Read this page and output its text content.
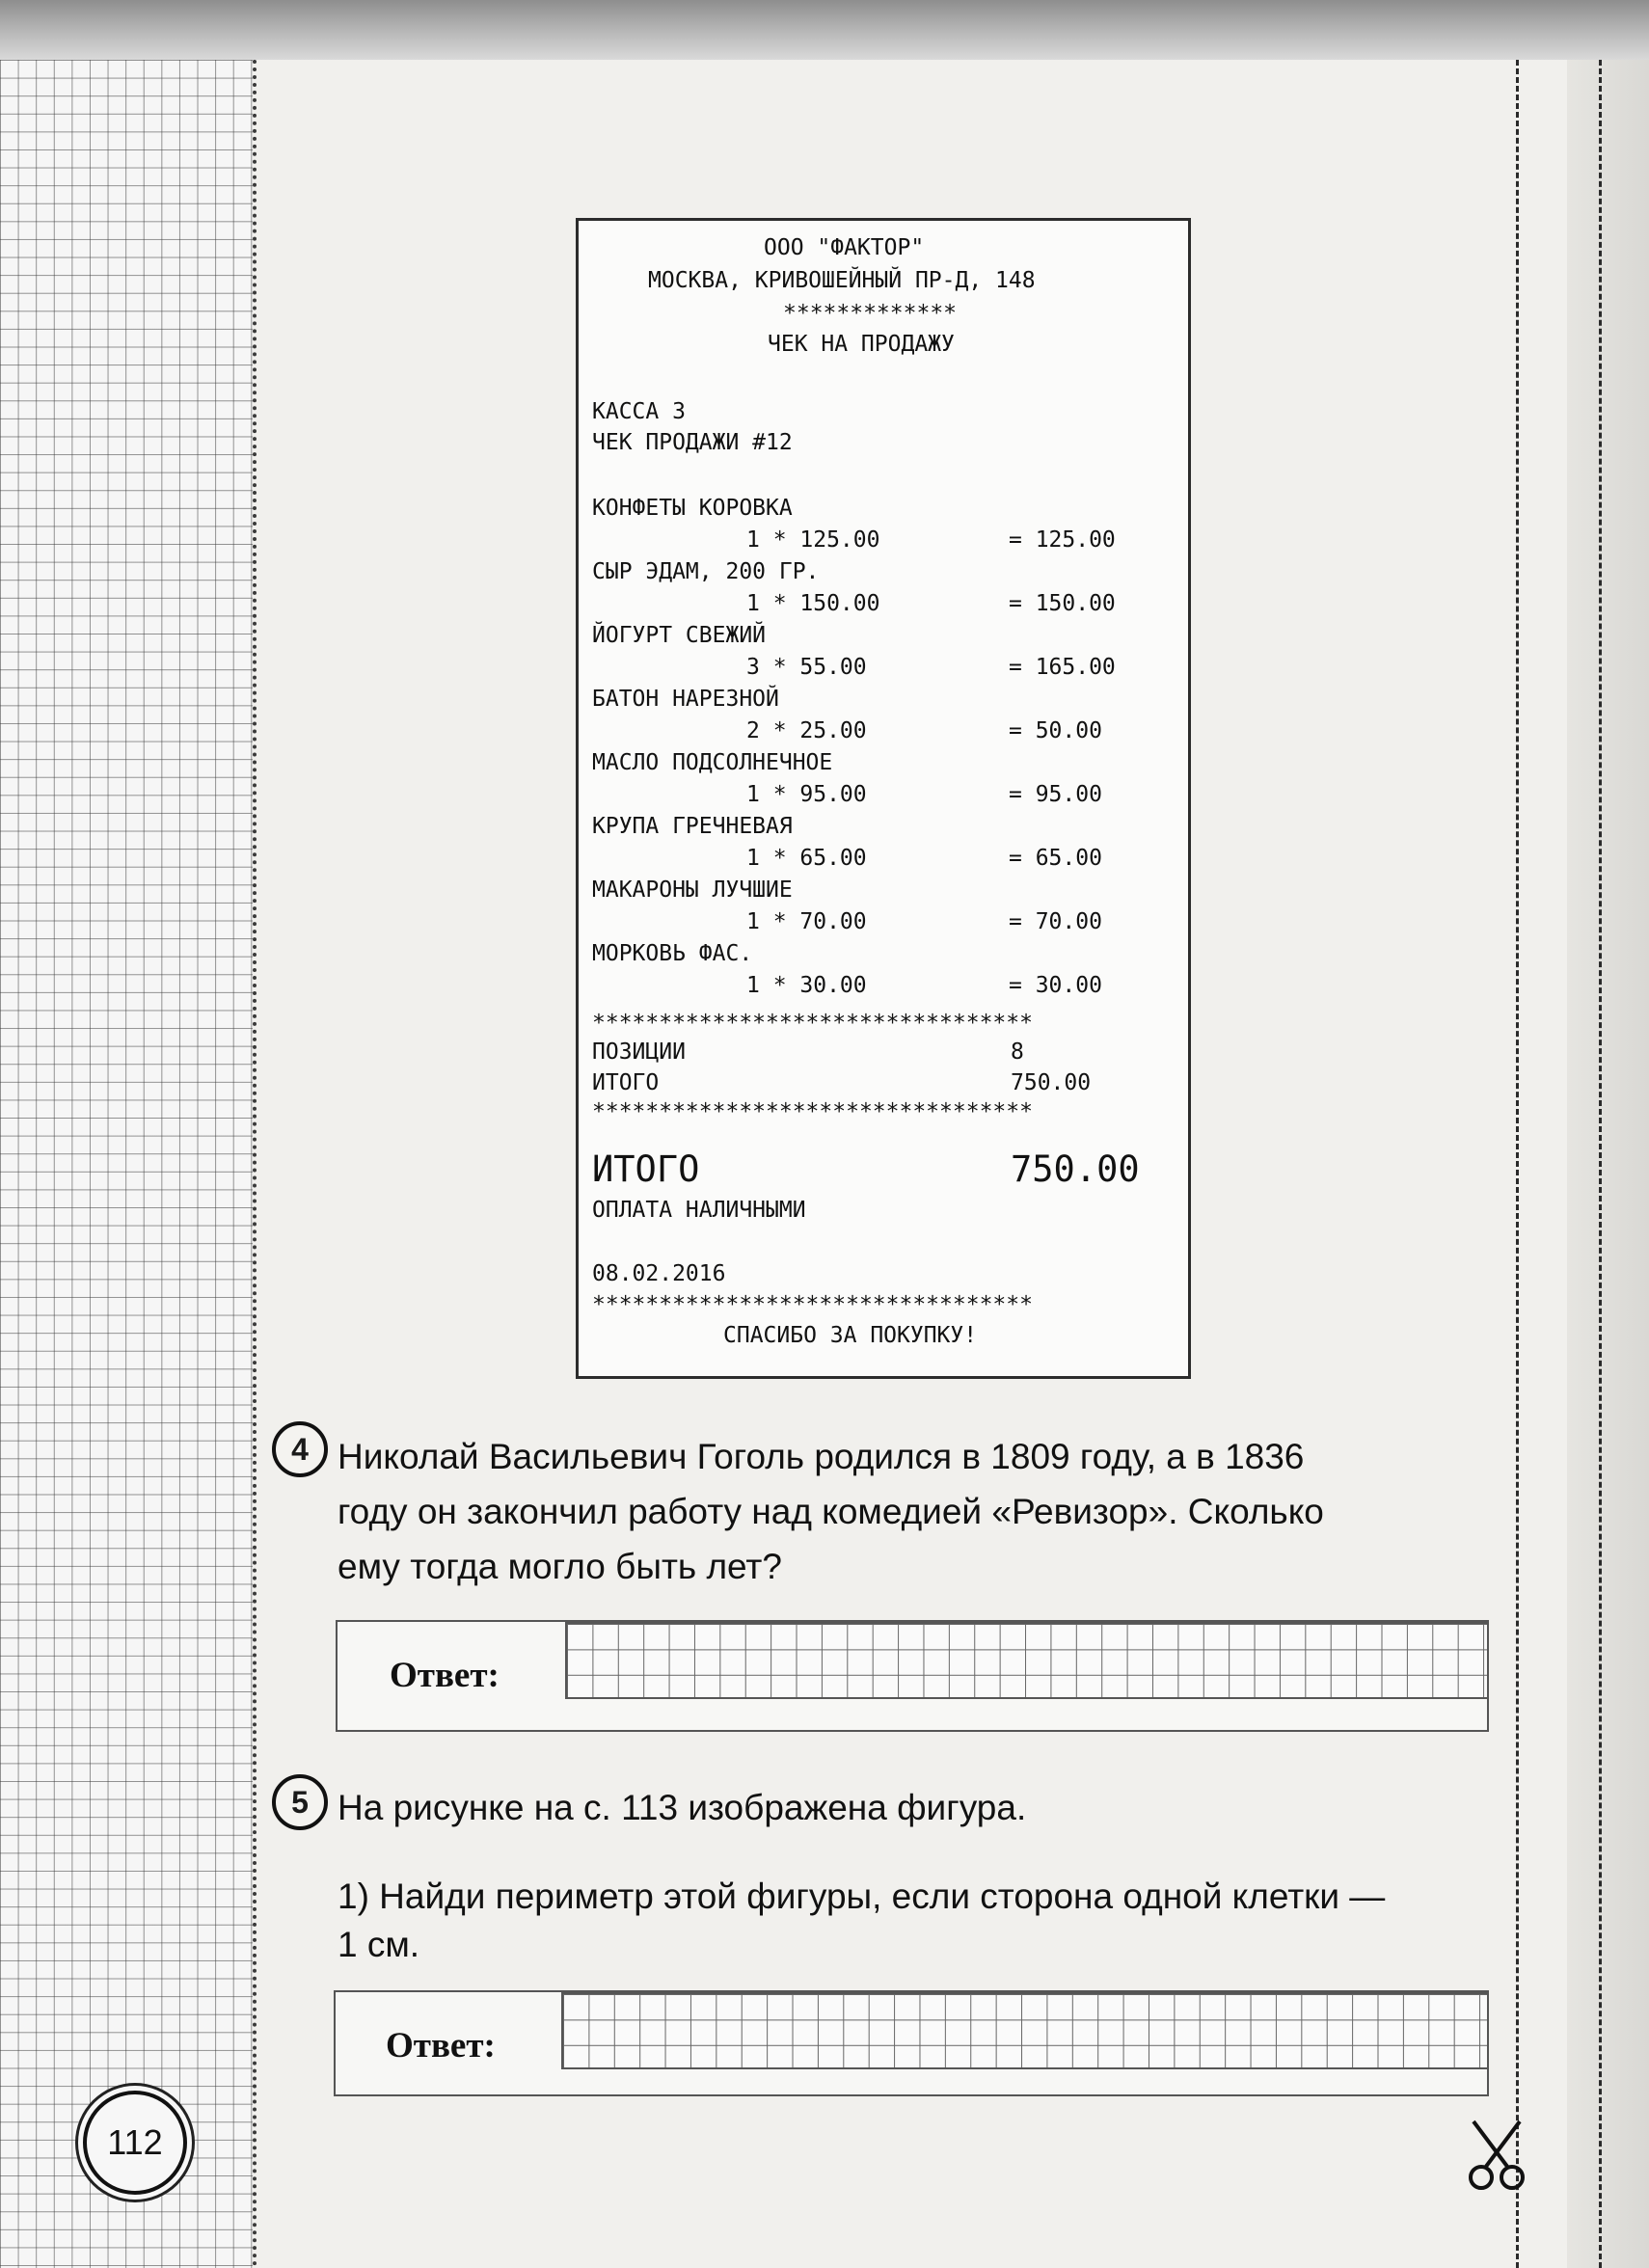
ООО "ФАКТОР"
МОСКВА, КРИВОШЕЙНЫЙ ПР-Д, 148
*************
ЧЕК НА ПРОДАЖУ
КАССА 3
ЧЕК ПРОДАЖИ #12
КОНФЕТЫ КОРОВКА
1 * 125.00	= 125.00
СЫР ЭДАМ, 200 ГР.
1 * 150.00	= 150.00
ЙОГУРТ СВЕЖИЙ
3 * 55.00	= 165.00
БАТОН НАРЕЗНОЙ
2 * 25.00	= 50.00
МАСЛО ПОДСОЛНЕЧНОЕ
1 * 95.00	= 95.00
КРУПА ГРЕЧНЕВАЯ
1 * 65.00	= 65.00
МАКАРОНЫ ЛУЧШИЕ
1 * 70.00	= 70.00
МОРКОВЬ ФАС.
1 * 30.00	= 30.00
*********************************
ПОЗИЦИИ	8
ИТОГО	750.00
*********************************
ИТОГО	750.00
ОПЛАТА НАЛИЧНЫМИ
08.02.2016
*********************************
СПАСИБО ЗА ПОКУПКУ!
4 Николай Васильевич Гоголь родился в 1809 году, а в 1836
году он закончил работу над комедией «Ревизор». Сколько
ему тогда могло быть лет?
Ответ:
5 На рисунке на с. 113 изображена фигура.
1) Найди периметр этой фигуры, если сторона одной клетки —
1 см.
Ответ:
112
